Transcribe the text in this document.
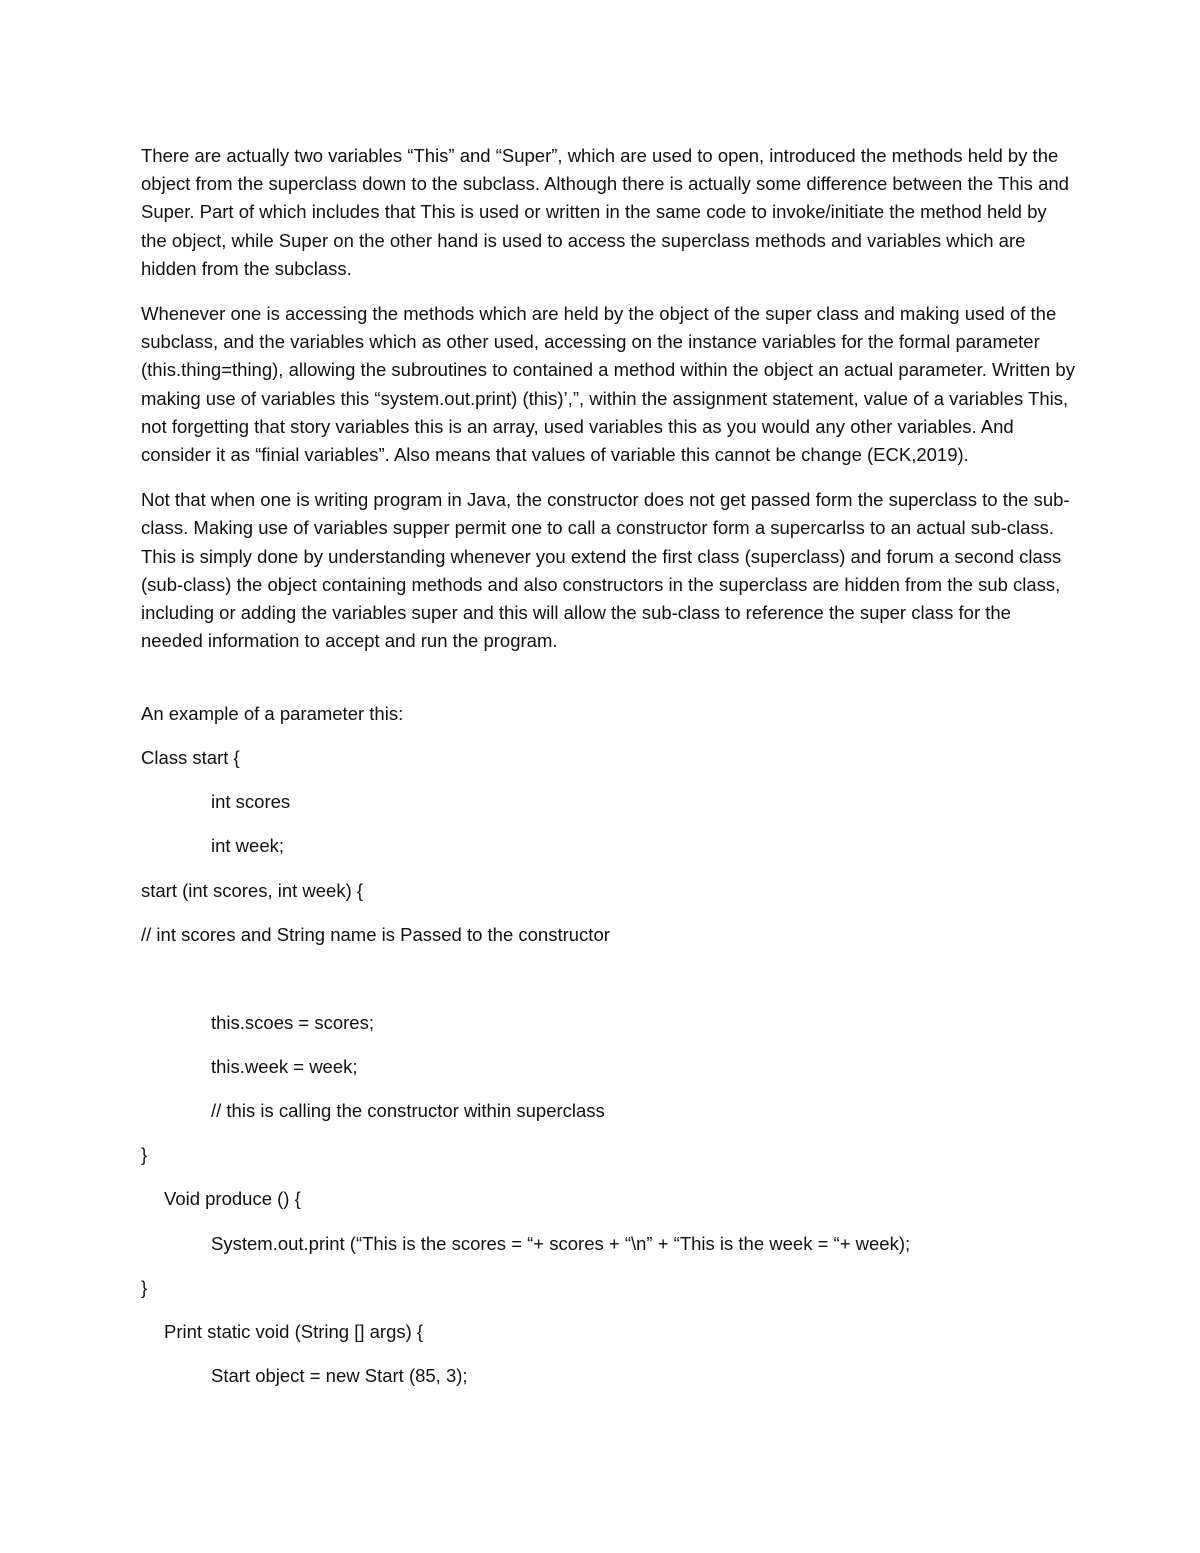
There are actually two variables “This” and “Super”, which are used to open, introduced the methods held by the object from the superclass down to the subclass. Although there is actually some difference between the This and Super. Part of which includes that This is used or written in the same code to invoke/initiate the method held by the object, while Super on the other hand is used to access the superclass methods and variables which are hidden from the subclass.

Whenever one is accessing the methods which are held by the object of the super class and making used of the subclass, and the variables which as other used, accessing on the instance variables for the formal parameter (this.thing=thing), allowing the subroutines to contained a method within the object an actual parameter. Written by making use of variables this “system.out.print) (this)’,”, within the assignment statement, value of a variables This, not forgetting that story variables this is an array, used variables this as you would any other variables. And consider it as “finial variables”. Also means that values of variable this cannot be change (ECK,2019).

Not that when one is writing program in Java, the constructor does not get passed form the superclass to the sub-class. Making use of variables supper permit one to call a constructor form a supercarlss to an actual sub-class. This is simply done by understanding whenever you extend the first class (superclass) and forum a second class (sub-class) the object containing methods and also constructors in the superclass are hidden from the sub class, including or adding the variables super and this will allow the sub-class to reference the super class for the needed information to accept and run the program.

An example of a parameter this:
Class start {
int scores
int week;
start (int scores, int week) {
// int scores and String name is Passed to the constructor
this.scoes = scores;
this.week = week;
// this is calling the constructor within superclass
}
Void produce () {
System.out.print (“This is the scores = “+ scores + “\n” + “This is the week = “+ week);
}
Print static void (String [] args) {
Start object = new Start (85, 3);
